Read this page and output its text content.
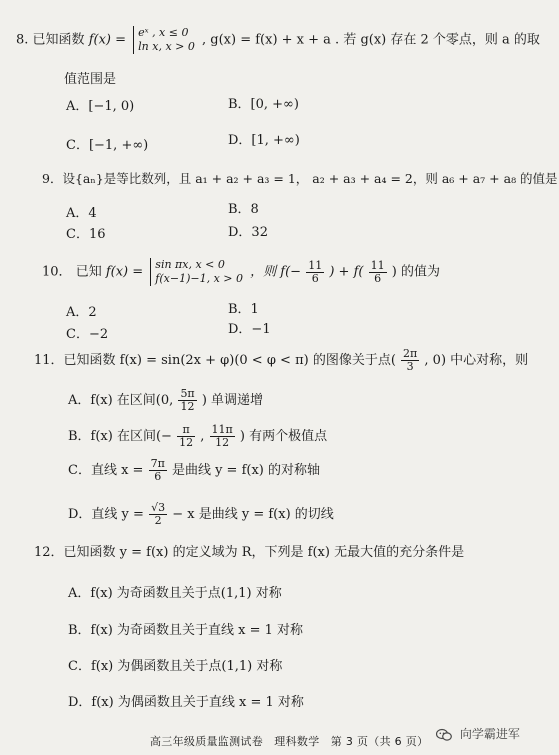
8. 已知函数 f(x) = eˣ , x ≤ 0
ln x, x > 0 , g(x) = f(x) + x + a . 若 g(x) 存在 2 个零点，则 a 的取
值范围是
A．[−1, 0)	B．[0, +∞)
C．[−1, +∞)	D．[1, +∞)
9．设{aₙ}是等比数列，且 a₁ + a₂ + a₃ = 1， a₂ + a₃ + a₄ = 2，则 a₆ + a₇ + a₈ 的值是
A．4	B．8
C．16	D．32
10． 已知 f(x) = sin πx, x < 0
f(x−1)−1, x > 0 ，则 $f(- \frac{11}{6}$ ) + $f( \frac{11}{6}$ ) 的值为
A．2	B．1
C．−2	D．−1
11．已知函数 f(x) = sin(2x + φ)(0 < φ < π) 的图像关于点( $\frac{2\pi}{3}$ , 0) 中心对称，则
A．f(x) 在区间(0, $\frac{5\pi}{12}$ ) 单调递增
B．f(x) 在区间(− $\frac{\pi}{12}$ , $\frac{11\pi}{12}$ ) 有两个极值点
C．直线 $x = \frac{7\pi}{6}$ 是曲线 y = f(x) 的对称轴
D．直线 $y = \frac{√3}{2} - x$ 是曲线 y = f(x) 的切线
12．已知函数 y = f(x) 的定义域为 R，下列是 f(x) 无最大值的充分条件是
A．f(x) 为奇函数且关于点(1,1) 对称
B．f(x) 为奇函数且关于直线 x = 1 对称
C．f(x) 为偶函数且关于点(1,1) 对称
D．f(x) 为偶函数且关于直线 x = 1 对称
高三年级质量监测试卷　理科数学　第 3 页（共 6 页）
向学霸进军
